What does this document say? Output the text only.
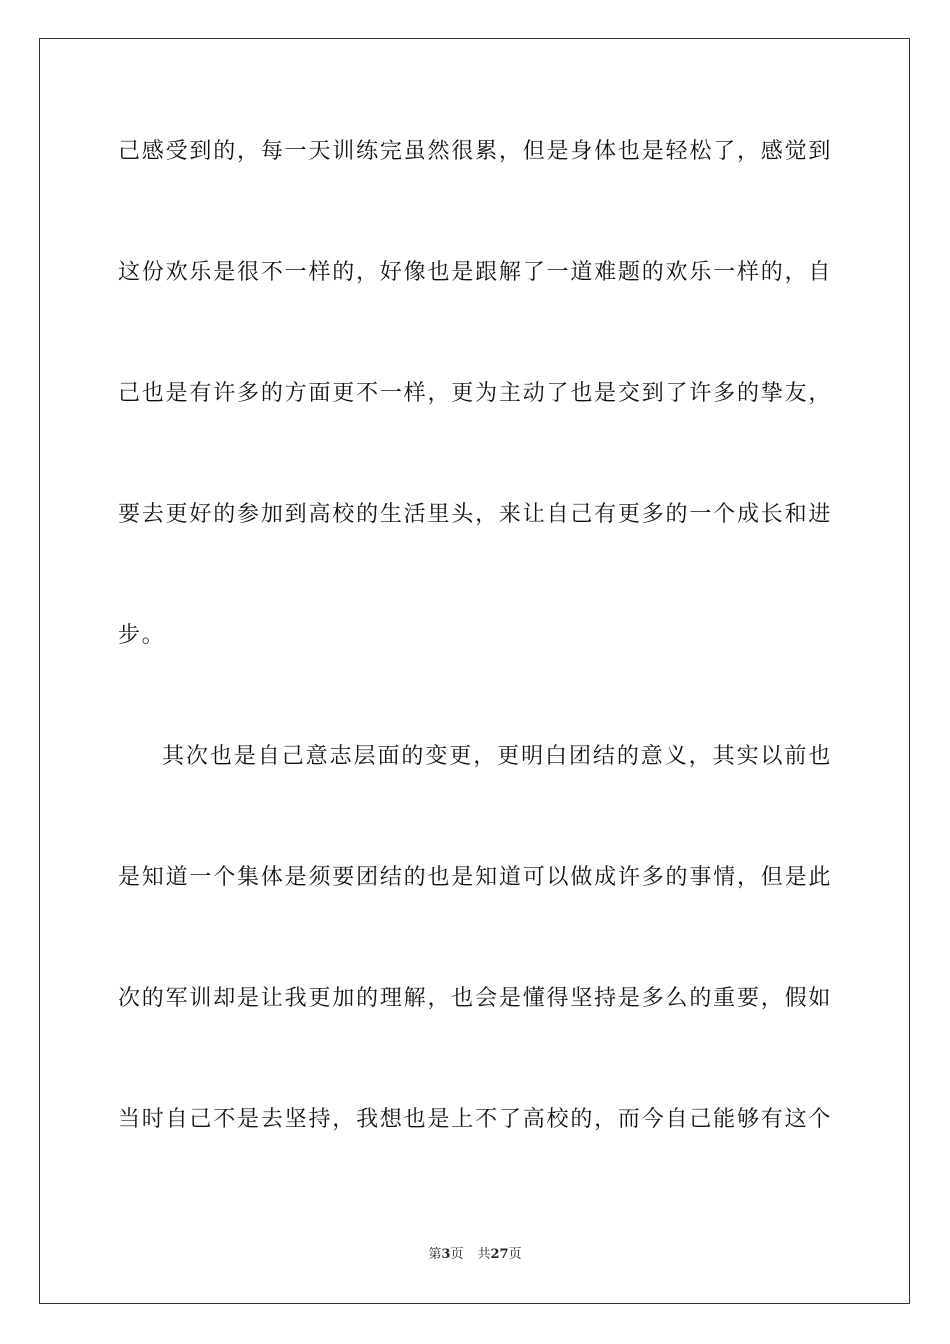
己感受到的，每一天训练完虽然很累，但是身体也是轻松了，感觉到
这份欢乐是很不一样的，好像也是跟解了一道难题的欢乐一样的，自
己也是有许多的方面更不一样，更为主动了也是交到了许多的挚友，
要去更好的参加到高校的生活里头，来让自己有更多的一个成长和进
步。
其次也是自己意志层面的变更，更明白团结的意义，其实以前也
是知道一个集体是须要团结的也是知道可以做成许多的事情，但是此
次的军训却是让我更加的理解，也会是懂得坚持是多么的重要，假如
当时自己不是去坚持，我想也是上不了高校的，而今自己能够有这个
第3页 共27页
